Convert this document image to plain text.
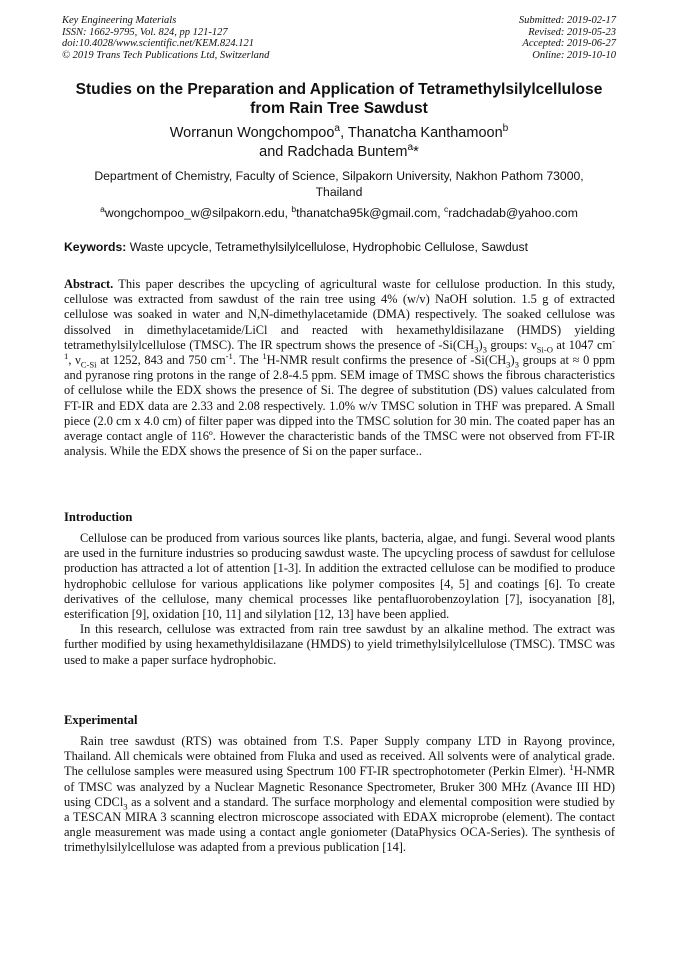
Key Engineering Materials
ISSN: 1662-9795, Vol. 824, pp 121-127
doi:10.4028/www.scientific.net/KEM.824.121
© 2019 Trans Tech Publications Ltd, Switzerland
Submitted: 2019-02-17
Revised: 2019-05-23
Accepted: 2019-06-27
Online: 2019-10-10
Studies on the Preparation and Application of Tetramethylsilylcellulose
from Rain Tree Sawdust
Worranun Wongchompoo$^a$, Thanatcha Kanthamoon$^b$
and Radchada Buntem$^a$*
Department of Chemistry, Faculty of Science, Silpakorn University, Nakhon Pathom 73000, Thailand
$^a$wongchompoo_w@silpakorn.edu, $^b$thanatcha95k@gmail.com, $^c$radchadab@yahoo.com
Keywords: Waste upcycle, Tetramethylsilylcellulose, Hydrophobic Cellulose, Sawdust
Abstract. This paper describes the upcycling of agricultural waste for cellulose production. In this study, cellulose was extracted from sawdust of the rain tree using 4% (w/v) NaOH solution. 1.5 g of extracted cellulose was soaked in water and N,N-dimethylacetamide (DMA) respectively. The soaked cellulose was dissolved in dimethylacetamide/LiCl and reacted with hexamethyldisilazane (HMDS) yielding tetramethylsilylcellulose (TMSC). The IR spectrum shows the presence of $-Si(CH_3)_3$ groups: $\nu_{Si-O}$ at 1047 $cm^{-1}$, $\nu_{C-Si}$ at 1252, 843 and 750 $cm^{-1}$. The $^1$H-NMR result confirms the presence of $-Si(CH_3)_3$ groups at ≈ 0 ppm and pyranose ring protons in the range of 2.8-4.5 ppm. SEM image of TMSC shows the fibrous characteristics of cellulose while the EDX shows the presence of Si. The degree of substitution (DS) values calculated from FT-IR and EDX data are 2.33 and 2.08 respectively. 1.0% w/v TMSC solution in THF was prepared. A Small piece (2.0 cm x 4.0 cm) of filter paper was dipped into the TMSC solution for 30 min. The coated paper has an average contact angle of 116º. However the characteristic bands of the TMSC were not observed from FT-IR analysis. While the EDX shows the presence of Si on the paper surface..
Introduction

Cellulose can be produced from various sources like plants, bacteria, algae, and fungi. Several wood plants are used in the furniture industries so producing sawdust waste. The upcycling process of sawdust for cellulose production has attracted a lot of attention [1-3]. In addition the extracted cellulose can be modified to produce hydrophobic cellulose for various applications like polymer composites [4, 5] and coatings [6]. To create derivatives of the cellulose, many chemical processes like pentafluorobenzoylation [7], isocyanation [8], esterification [9], oxidation [10, 11] and silylation [12, 13] have been applied.

In this research, cellulose was extracted from rain tree sawdust by an alkaline method. The extract was further modified by using hexamethyldisilazane (HMDS) to yield trimethylsilylcellulose (TMSC). TMSC was used to make a paper surface hydrophobic.

Experimental

Rain tree sawdust (RTS) was obtained from T.S. Paper Supply company LTD in Rayong province, Thailand. All chemicals were obtained from Fluka and used as received. All solvents were of analytical grade. The cellulose samples were measured using Spectrum 100 FT-IR spectrophotometer (Perkin Elmer). $^1$H-NMR of TMSC was analyzed by a Nuclear Magnetic Resonance Spectrometer, Bruker 300 MHz (Avance III HD) using CDCl$_3$ as a solvent and a standard. The surface morphology and elemental composition were studied by a TESCAN MIRA 3 scanning electron microscope associated with EDAX microprobe (element). The contact angle measurement was made using a contact angle goniometer (DataPhysics OCA-Series). The synthesis of trimethylsilylcellulose was adapted from a previous publication [14].
